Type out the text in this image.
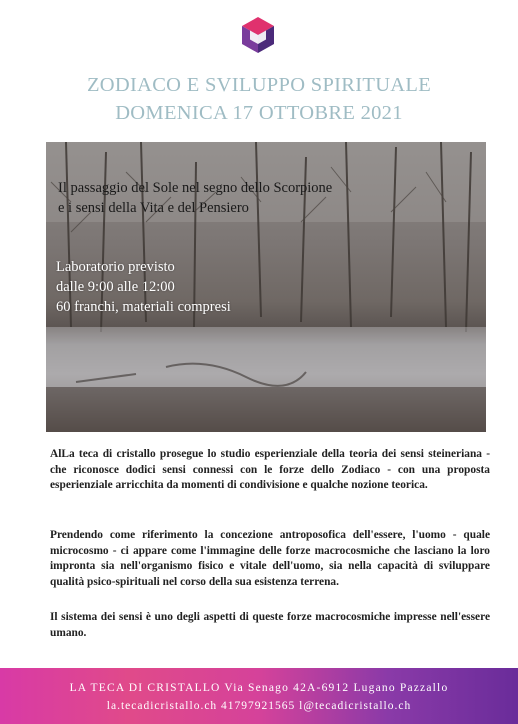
ZODIACO E SVILUPPO SPIRITUALE
DOMENICA 17 OTTOBRE 2021
Il passaggio del Sole nel segno dello Scorpione
e i sensi della Vita e del Pensiero
Laboratorio previsto
dalle 9:00 alle 12:00
60 franchi, materiali compresi
AlLa teca di cristallo prosegue lo studio esperienziale della teoria dei sensi steineriana - che riconosce dodici sensi connessi con le forze dello Zodiaco - con una proposta esperienziale arricchita da momenti di condivisione e qualche nozione teorica.
Prendendo come riferimento la concezione antroposofica dell'essere, l'uomo - quale microcosmo - ci appare come l'immagine delle forze macrocosmiche che lasciano la loro impronta sia nell'organismo fisico e vitale dell'uomo, sia nella capacità di sviluppare qualità psico-spirituali nel corso della sua esistenza terrena.
Il sistema dei sensi è uno degli aspetti di queste forze macrocosmiche impresse nell'essere umano.
LA TECA DI CRISTALLO Via Senago 42A-6912 Lugano Pazzallo
la.tecadicristallo.ch 41797921565 l@tecadicristallo.ch
